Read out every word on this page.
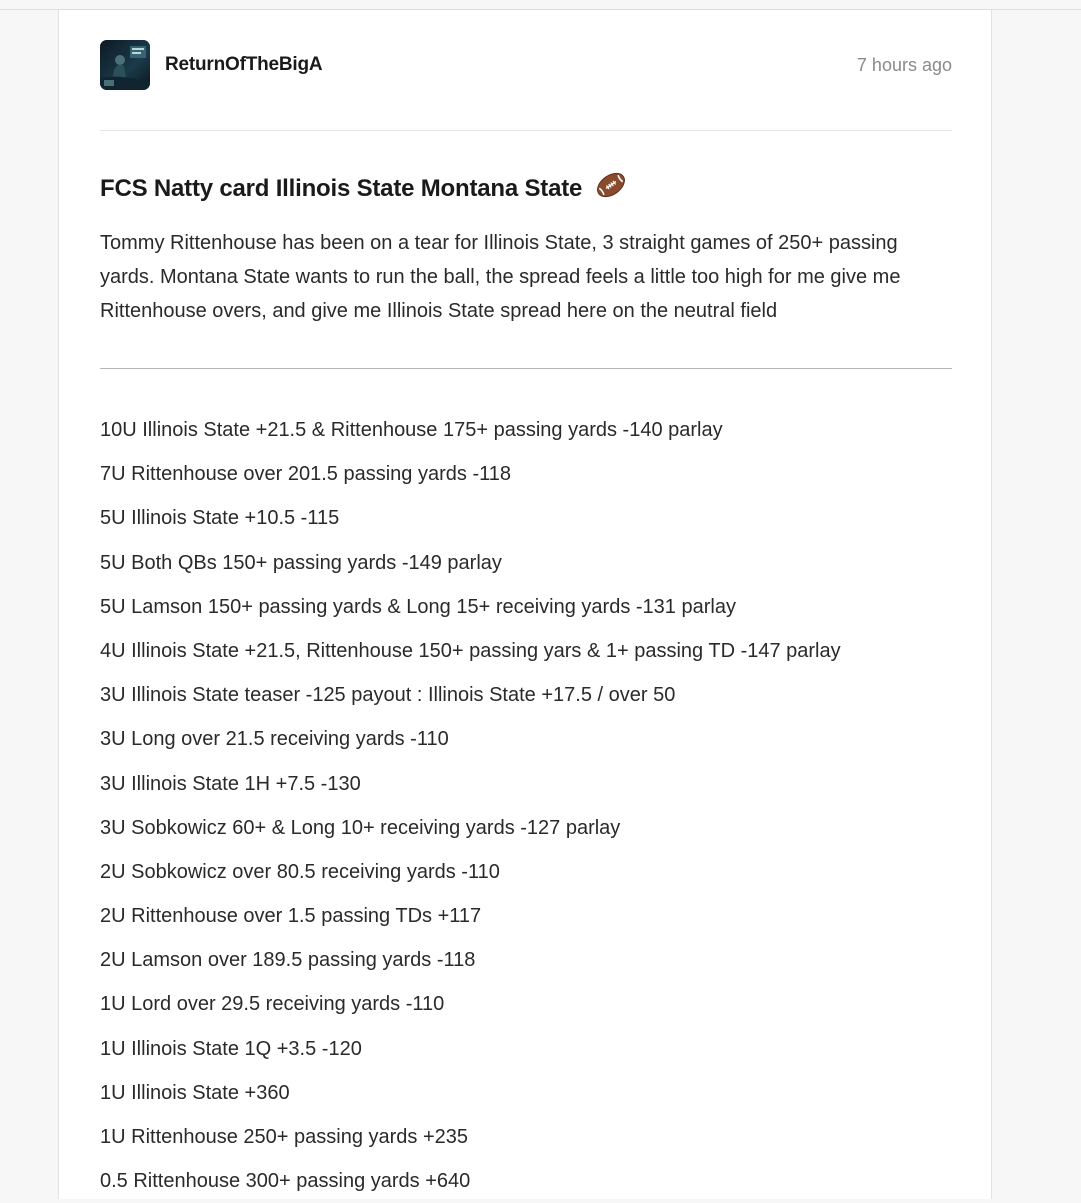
ReturnOfTheBigA	7 hours ago
FCS Natty card Illinois State Montana State
Tommy Rittenhouse has been on a tear for Illinois State, 3 straight games of 250+ passing yards. Montana State wants to run the ball, the spread feels a little too high for me give me Rittenhouse overs, and give me Illinois State spread here on the neutral field
10U Illinois State +21.5 & Rittenhouse 175+ passing yards -140 parlay
7U Rittenhouse over 201.5 passing yards -118
5U Illinois State +10.5 -115
5U Both QBs 150+ passing yards -149 parlay
5U Lamson 150+ passing yards & Long 15+ receiving yards -131 parlay
4U Illinois State +21.5, Rittenhouse 150+ passing yars & 1+ passing TD -147 parlay
3U Illinois State teaser -125 payout : Illinois State +17.5 / over 50
3U Long over 21.5 receiving yards -110
3U Illinois State 1H +7.5 -130
3U Sobkowicz 60+ & Long 10+ receiving yards -127 parlay
2U Sobkowicz over 80.5 receiving yards -110
2U Rittenhouse over 1.5 passing TDs +117
2U Lamson over 189.5 passing yards -118
1U Lord over 29.5 receiving yards -110
1U Illinois State 1Q +3.5 -120
1U Illinois State +360
1U Rittenhouse 250+ passing yards +235
0.5 Rittenhouse 300+ passing yards +640
